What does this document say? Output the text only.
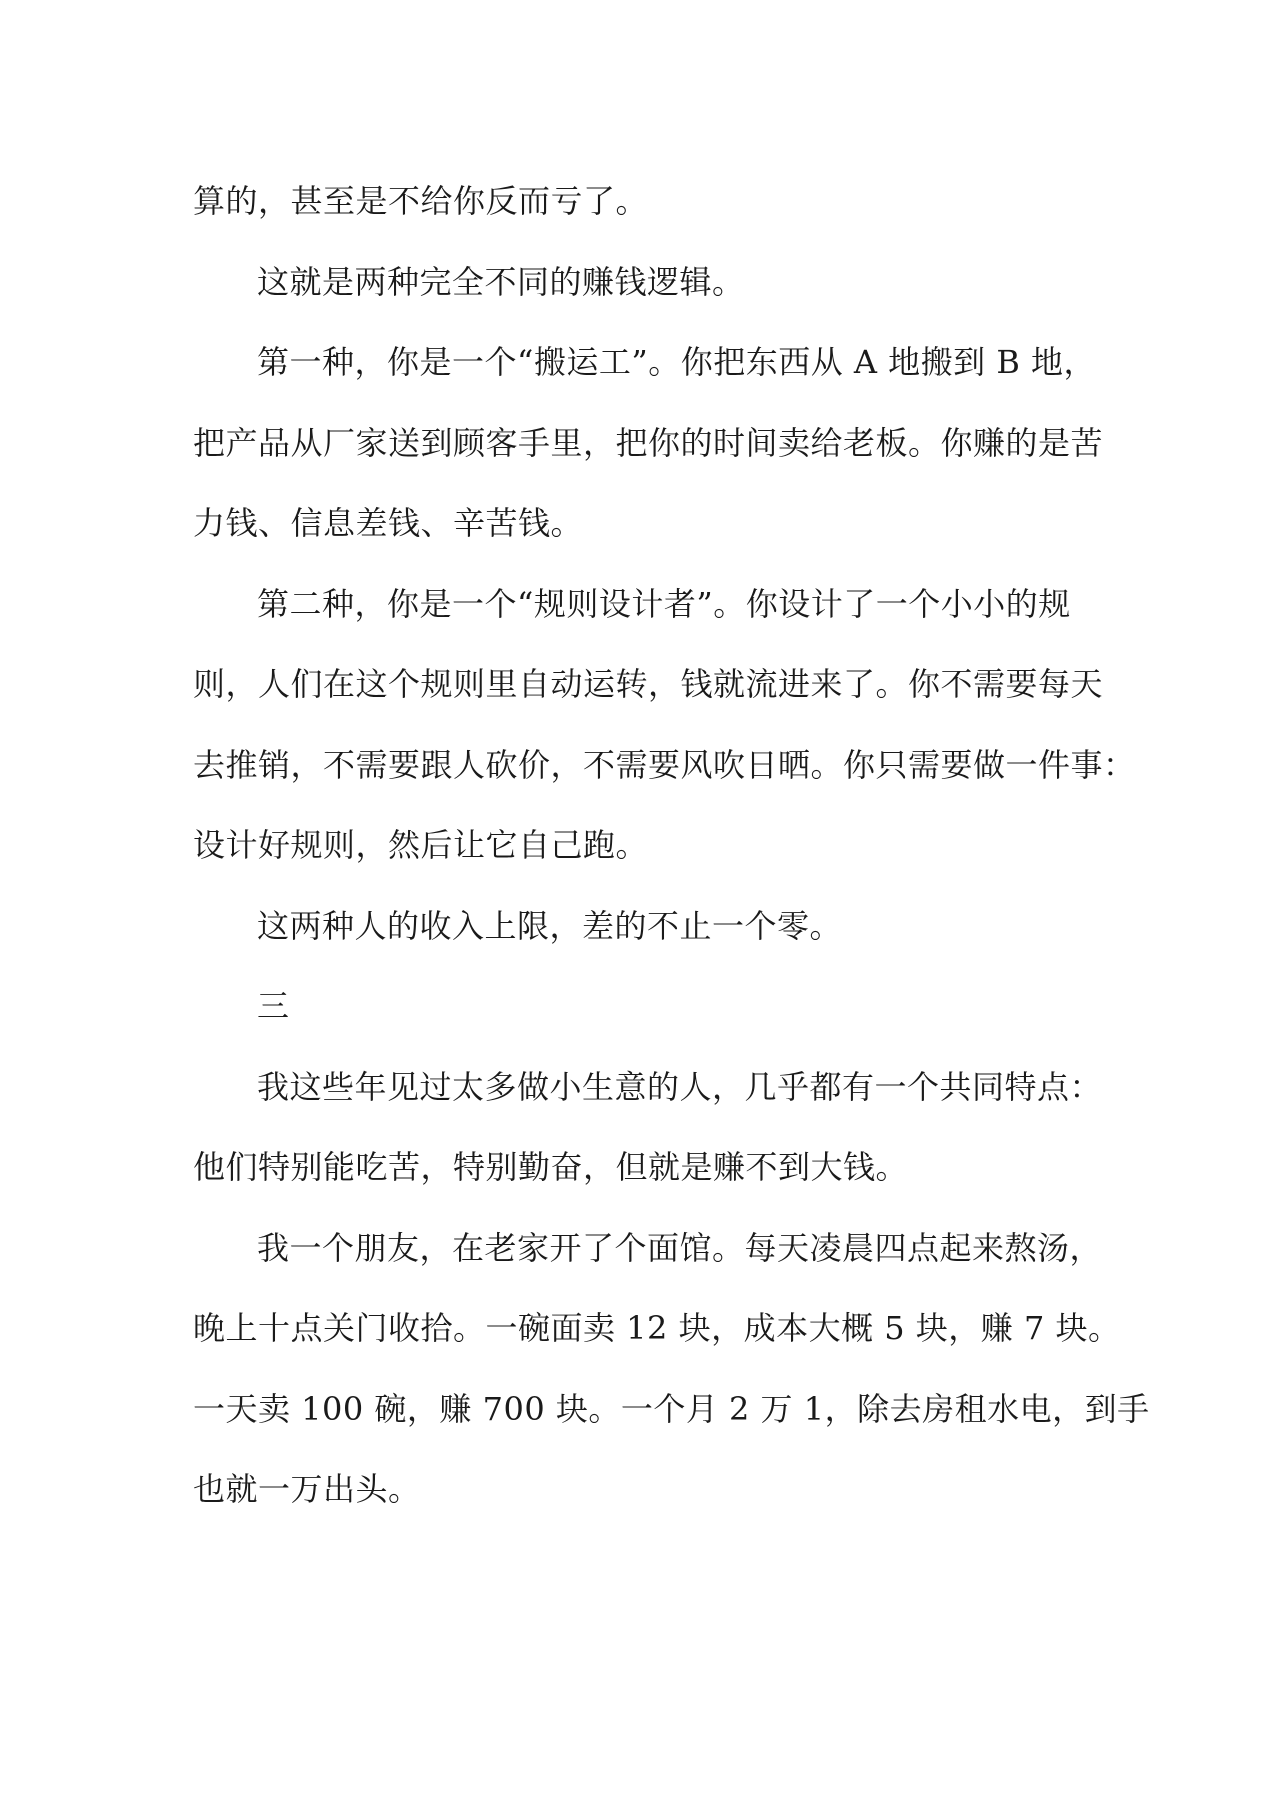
算的，甚至是不给你反而亏了。

这就是两种完全不同的赚钱逻辑。

第一种，你是一个“搬运工”。你把东西从 A 地搬到 B 地，
把产品从厂家送到顾客手里，把你的时间卖给老板。你赚的是苦
力钱、信息差钱、辛苦钱。

第二种，你是一个“规则设计者”。你设计了一个小小的规
则，人们在这个规则里自动运转，钱就流进来了。你不需要每天
去推销，不需要跟人砍价，不需要风吹日晒。你只需要做一件事：
设计好规则，然后让它自己跑。

这两种人的收入上限，差的不止一个零。

三

我这些年见过太多做小生意的人，几乎都有一个共同特点：
他们特别能吃苦，特别勤奋，但就是赚不到大钱。

我一个朋友，在老家开了个面馆。每天凌晨四点起来熬汤，
晚上十点关门收拾。一碗面卖 12 块，成本大概 5 块，赚 7 块。
一天卖 100 碗，赚 700 块。一个月 2 万 1，除去房租水电，到手
也就一万出头。
